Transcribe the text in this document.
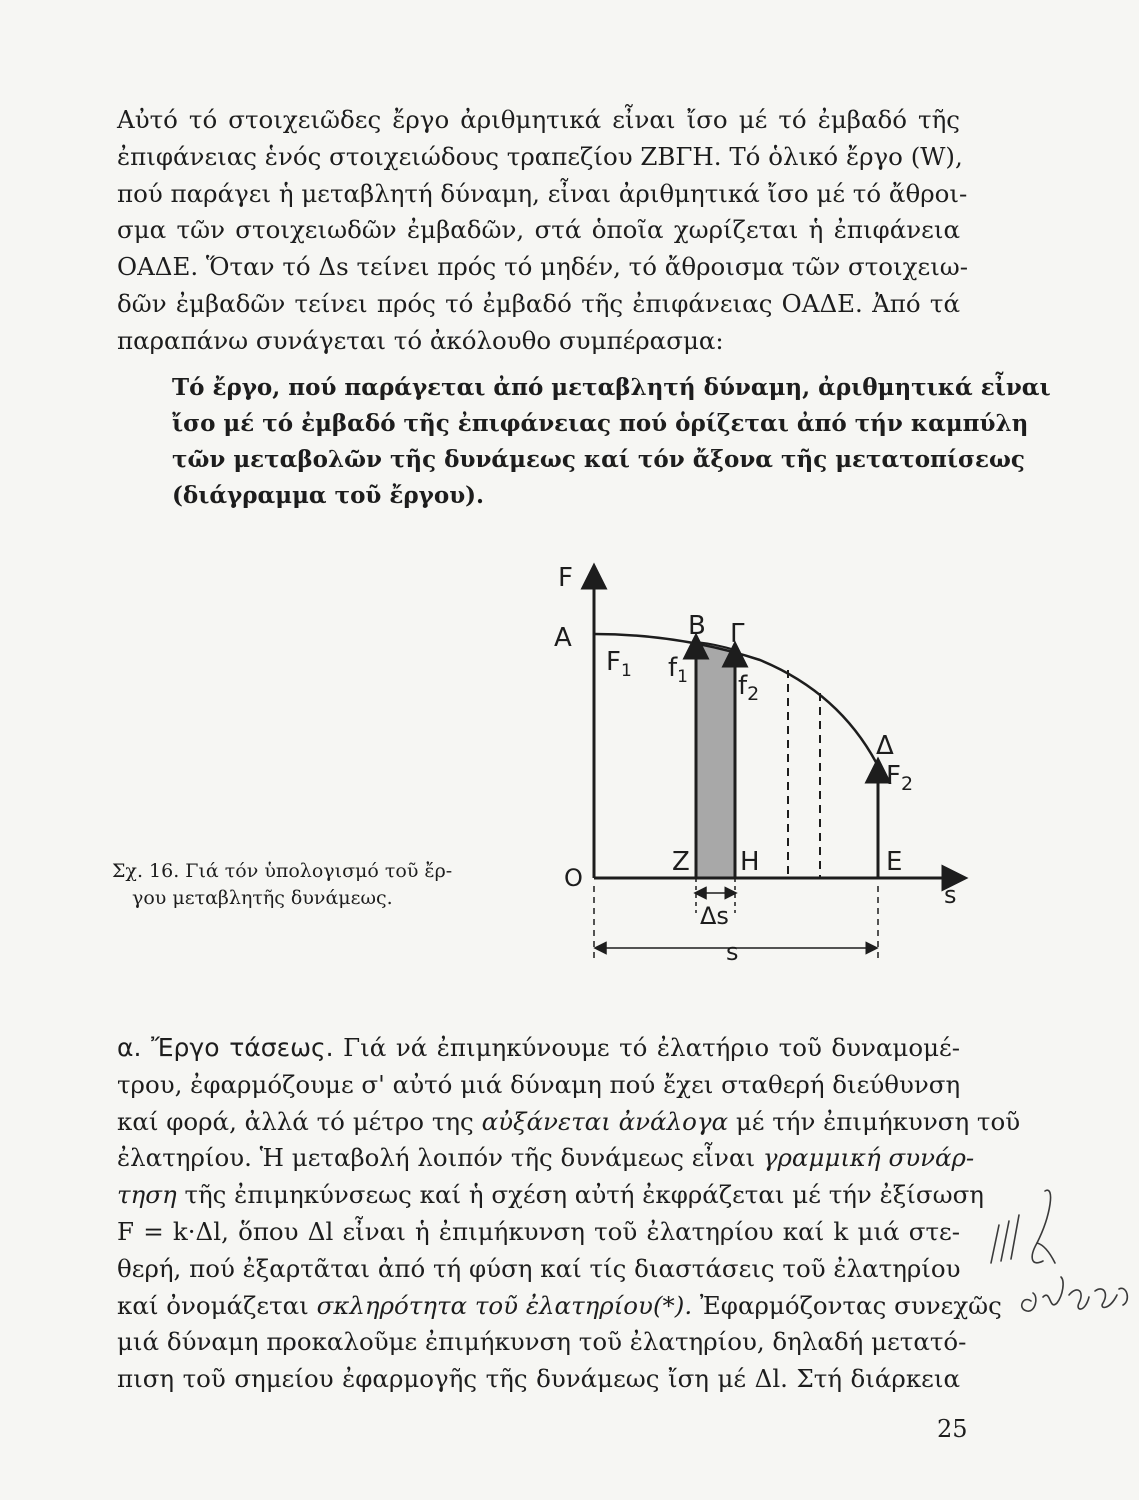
Αὐτό τό στοιχειῶδες ἔργο ἀριθμητικά εἶναι ἴσο μέ τό ἐμβαδό τῆς
ἐπιφάνειας ἑνός στοιχειώδους τραπεζίου ΖΒΓΗ. Τό ὁλικό ἔργο (W),
πού παράγει ἡ μεταβλητή δύναμη, εἶναι ἀριθμητικά ἴσο μέ τό ἄθροι-
σμα τῶν στοιχειωδῶν ἐμβαδῶν, στά ὁποῖα χωρίζεται ἡ ἐπιφάνεια
ΟΑΔΕ. Ὅταν τό Δs τείνει πρός τό μηδέν, τό ἄθροισμα τῶν στοιχειω-
δῶν ἐμβαδῶν τείνει πρός τό ἐμβαδό τῆς ἐπιφάνειας ΟΑΔΕ. Ἀπό τά
παραπάνω συνάγεται τό ἀκόλουθο συμπέρασμα:
Τό ἔργο, πού παράγεται ἀπό μεταβλητή δύναμη, ἀριθμητικά εἶναι
ἴσο μέ τό ἐμβαδό τῆς ἐπιφάνειας πού ὁρίζεται ἀπό τήν καμπύλη
τῶν μεταβολῶν τῆς δυνάμεως καί τόν ἄξονα τῆς μετατοπίσεως
(διάγραμμα τοῦ ἔργου).
F
A	B Γ
Δ
$F_1$ $f_1$ $f_2$
$F_2$
O
Z H	E
s
Δs
s
Σχ. 16. Γιά τόν ὑπολογισμό τοῦ ἔρ-
γου μεταβλητῆς δυνάμεως.
α. Ἔργο τάσεως. Γιά νά ἐπιμηκύνουμε τό ἐλατήριο τοῦ δυναμομέ-
τρου, ἐφαρμόζουμε σ' αὐτό μιά δύναμη πού ἔχει σταθερή διεύθυνση
καί φορά, ἀλλά τό μέτρο της αὐξάνεται ἀνάλογα μέ τήν ἐπιμήκυνση τοῦ
ἐλατηρίου. Ἡ μεταβολή λοιπόν τῆς δυνάμεως εἶναι γραμμική συνάρ-
τηση τῆς ἐπιμηκύνσεως καί ἡ σχέση αὐτή ἐκφράζεται μέ τήν ἐξίσωση
F = k·Δl, ὅπου Δl εἶναι ἡ ἐπιμήκυνση τοῦ ἐλατηρίου καί k μιά στε-
θερή, πού ἐξαρτᾶται ἀπό τή φύση καί τίς διαστάσεις τοῦ ἐλατηρίου
καί ὀνομάζεται σκληρότητα τοῦ ἐλατηρίου(*). Ἐφαρμόζοντας συνεχῶς
μιά δύναμη προκαλοῦμε ἐπιμήκυνση τοῦ ἐλατηρίου, δηλαδή μετατό-
πιση τοῦ σημείου ἐφαρμογῆς τῆς δυνάμεως ἴση μέ Δl. Στή διάρκεια
25
